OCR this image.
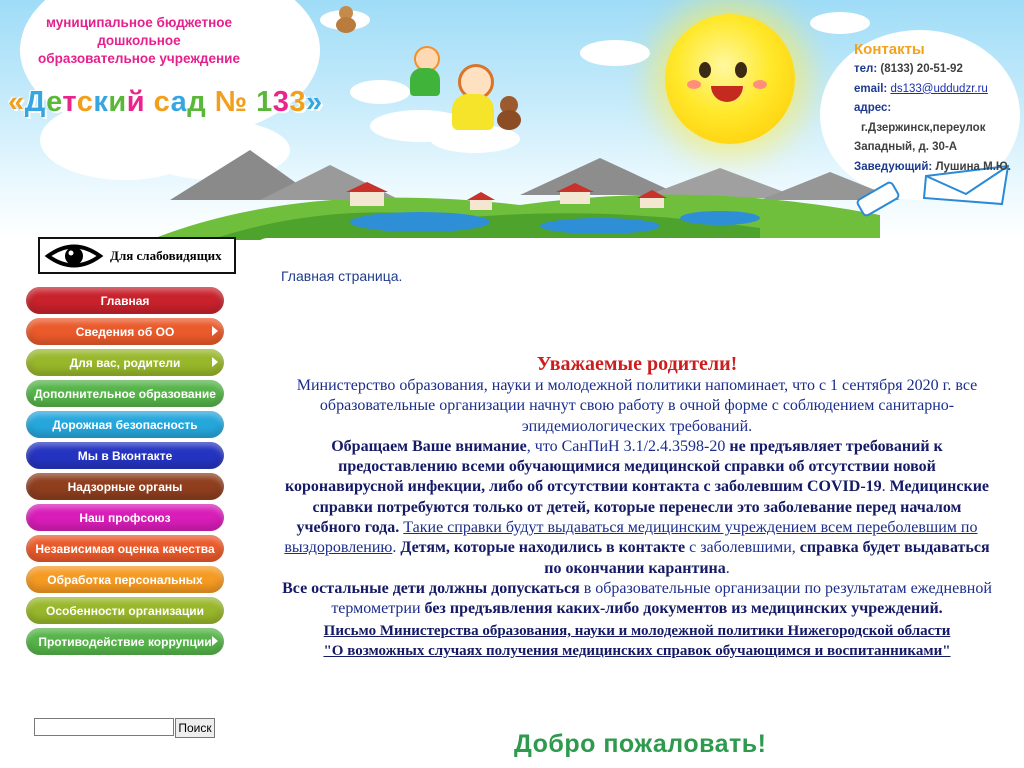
муниципальное бюджетное
дошкольное
образовательное учреждение
«Детский сад № 133»
Контакты
тел: (8133) 20-51-92
email: ds133@uddudzr.ru
адрес:
г.Дзержинск,переулок
Западный, д. 30-А
Заведующий: Лушина М.Ю.
Для слабовидящих
Главная
Сведения об ОО
Для вас, родители
Дополнительное образование
Дорожная безопасность
Мы в Вконтакте
Надзорные органы
Наш профсоюз
Независимая оценка качества
Обработка персональных
Особенности организации
Противодействие коррупции
Поиск
Главная страница.
Уважаемые родители!
Министерство образования, науки и молодежной политики напоминает, что с 1 сентября 2020 г. все образовательные организации начнут свою работу в очной форме с соблюдением санитарно-эпидемиологических требований.
Обращаем Ваше внимание, что СанПиН 3.1/2.4.3598-20 не предъявляет требований к предоставлению всеми обучающимися медицинской справки об отсутствии новой коронавирусной инфекции, либо об отсутствии контакта с заболевшим COVID-19. Медицинские справки потребуются только от детей, которые перенесли это заболевание перед началом учебного года. Такие справки будут выдаваться медицинским учреждением всем переболевшим по выздоровлению. Детям, которые находились в контакте с заболевшими, справка будет выдаваться по окончании карантина.
Все остальные дети должны допускаться в образовательные организации по результатам ежедневной термометрии без предъявления каких-либо документов из медицинских учреждений.
Письмо Министерства образования, науки и молодежной политики Нижегородской области
"О возможных случаях получения медицинских справок обучающимся и воспитанниками"
Добро пожаловать!
